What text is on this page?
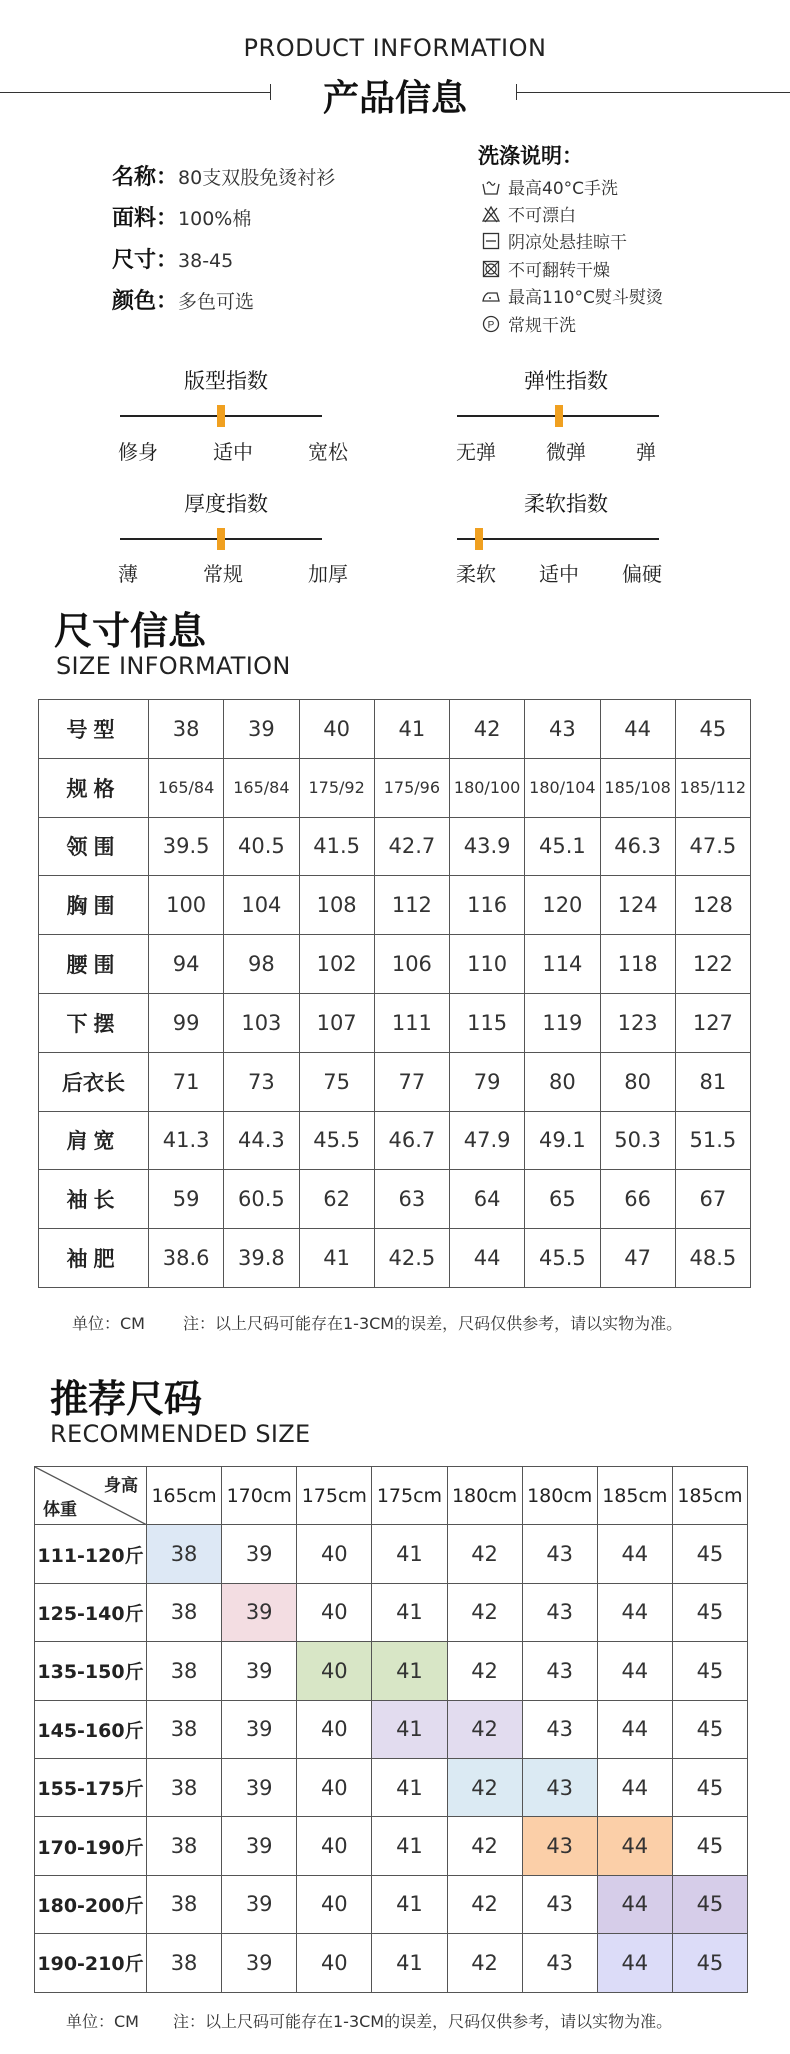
PRODUCT INFORMATION
产品信息
名称：80支双股免烫衬衫
面料：100%棉
尺寸：38-45
颜色：多色可选
洗涤说明：
最高40°C手洗
不可漂白
阴凉处悬挂晾干
不可翻转干燥
最高110°C熨斗熨烫
P 常规干洗
版型指数
修身	适中	宽松
弹性指数
无弹	微弹	弹
厚度指数
薄	常规	加厚
柔软指数
柔软 适中 偏硬
尺寸信息
SIZE INFORMATION
号型	38	39	40	41	42	43	44	45
规格	165/84	165/84	175/92	175/96	180/100	180/104	185/108	185/112
领围	39.5	40.5	41.5	42.7	43.9	45.1	46.3	47.5
胸围	100	104	108	112	116	120	124	128
腰围	94	98	102	106	110	114	118	122
下摆	99	103	107	111	115	119	123	127
后衣长	71	73	75	77	79	80	80	81
肩宽	41.3	44.3	45.5	46.7	47.9	49.1	50.3	51.5
袖长	59	60.5	62	63	64	65	66	67
袖肥	38.6	39.8	41	42.5	44	45.5	47	48.5
单位：CM 注：以上尺码可能存在1-3CM的误差，尺码仅供参考，请以实物为准。
推荐尺码
RECOMMENDED SIZE
身高
体重	165cm	170cm	175cm	175cm	180cm	180cm	185cm	185cm
111-120斤	38	39	40	41	42	43	44	45
125-140斤	38	39	40	41	42	43	44	45
135-150斤	38	39	40	41	42	43	44	45
145-160斤	38	39	40	41	42	43	44	45
155-175斤	38	39	40	41	42	43	44	45
170-190斤	38	39	40	41	42	43	44	45
180-200斤	38	39	40	41	42	43	44	45
190-210斤	38	39	40	41	42	43	44	45
单位：CM 注：以上尺码可能存在1-3CM的误差，尺码仅供参考，请以实物为准。
